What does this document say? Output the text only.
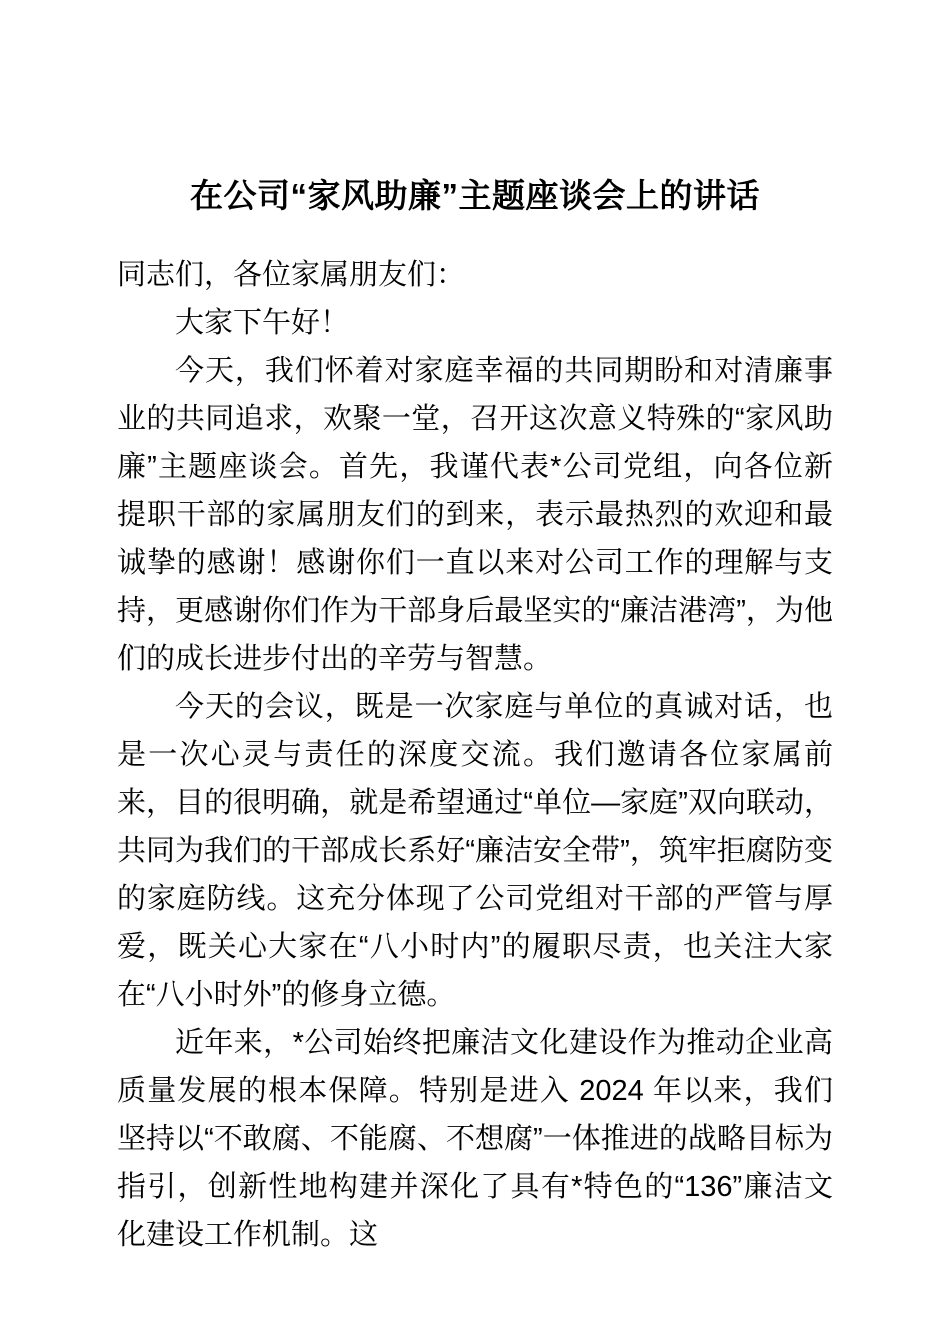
在公司“家风助廉”主题座谈会上的讲话

同志们，各位家属朋友们：

大家下午好！

今天，我们怀着对家庭幸福的共同期盼和对清廉事业的共同追求，欢聚一堂，召开这次意义特殊的“家风助廉”主题座谈会。首先，我谨代表*公司党组，向各位新提职干部的家属朋友们的到来，表示最热烈的欢迎和最诚挚的感谢！感谢你们一直以来对公司工作的理解与支持，更感谢你们作为干部身后最坚实的“廉洁港湾”，为他们的成长进步付出的辛劳与智慧。

今天的会议，既是一次家庭与单位的真诚对话，也是一次心灵与责任的深度交流。我们邀请各位家属前来，目的很明确，就是希望通过“单位—家庭”双向联动，共同为我们的干部成长系好“廉洁安全带”，筑牢拒腐防变的家庭防线。这充分体现了公司党组对干部的严管与厚爱，既关心大家在“八小时内”的履职尽责，也关注大家在“八小时外”的修身立德。

近年来，*公司始终把廉洁文化建设作为推动企业高质量发展的根本保障。特别是进入 2024 年以来，我们坚持以“不敢腐、不能腐、不想腐”一体推进的战略目标为指引，创新性地构建并深化了具有*特色的“136”廉洁文化建设工作机制。这
